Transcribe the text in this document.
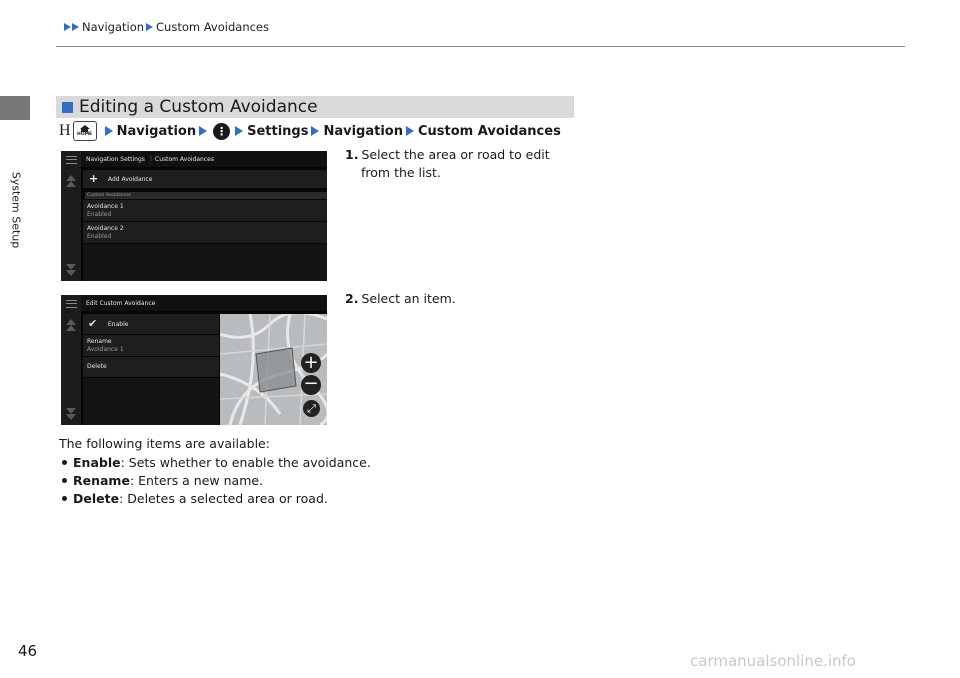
Navigation Custom Avoidances
System Setup
Editing a Custom Avoidance
H HOME Navigation ⋮ Settings Navigation Custom Avoidances
Navigation Settings | Custom Avoidances
+ Add Avoidance
Custom Avoidances
Avoidance 1
Enabled
Avoidance 2
Enabled
Edit Custom Avoidance
✔ Enable
Rename
Avoidance 1
Delete	+
−
⤢
1. Select the area or road to edit
from the list.
2. Select an item.
The following items are available:
Enable: Sets whether to enable the avoidance.
Rename: Enters a new name.
Delete: Deletes a selected area or road.
46
carmanualsonline.info
